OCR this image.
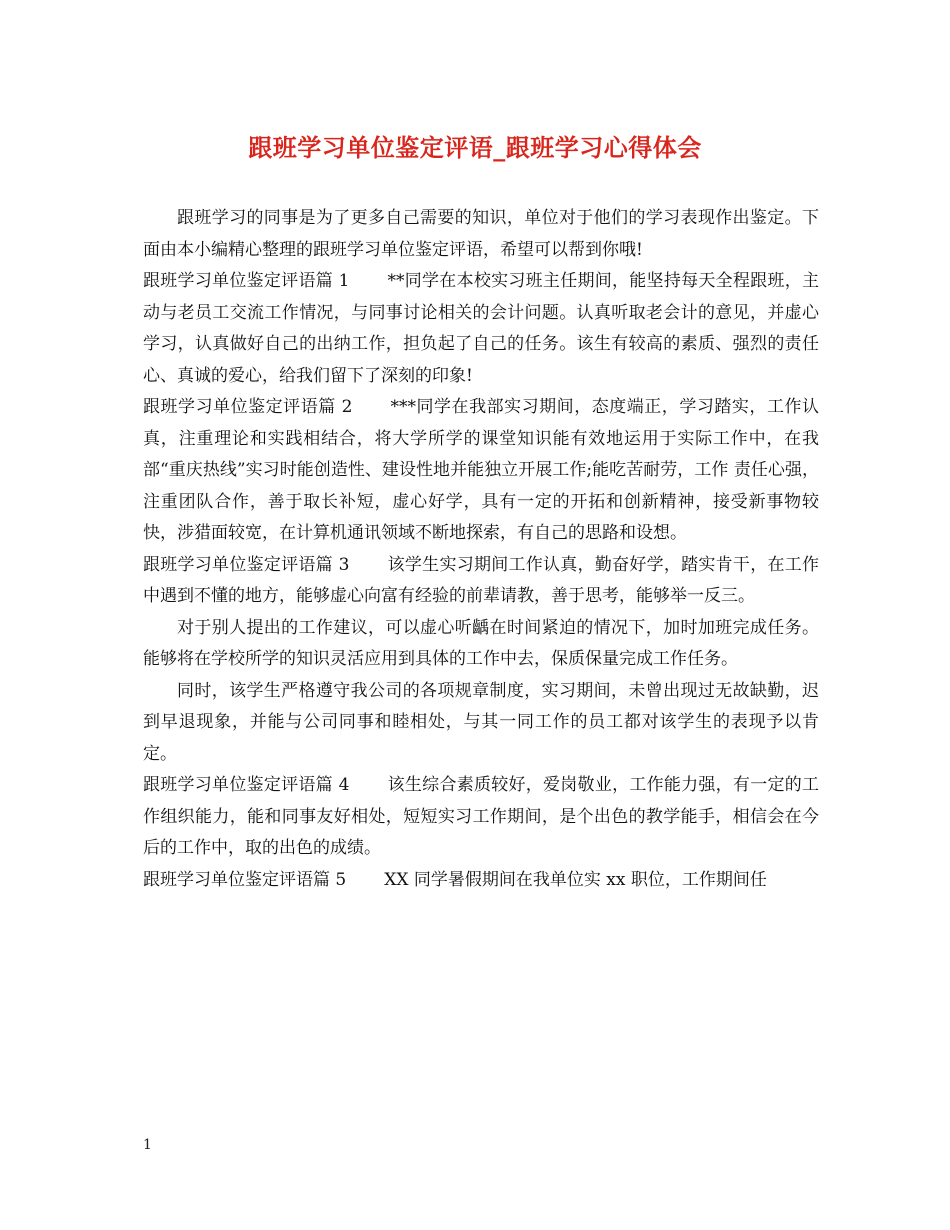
跟班学习单位鉴定评语_跟班学习心得体会

跟班学习的同事是为了更多自己需要的知识，单位对于他们的学习表现作出鉴定。下面由本小编精心整理的跟班学习单位鉴定评语，希望可以帮到你哦!

跟班学习单位鉴定评语篇 1 **同学在本校实习班主任期间，能坚持每天全程跟班，主动与老员工交流工作情况，与同事讨论相关的会计问题。认真听取老会计的意见，并虚心学习，认真做好自己的出纳工作，担负起了自己的任务。该生有较高的素质、强烈的责任心、真诚的爱心，给我们留下了深刻的印象!

跟班学习单位鉴定评语篇 2 ***同学在我部实习期间，态度端正，学习踏实，工作认真，注重理论和实践相结合，将大学所学的课堂知识能有效地运用于实际工作中，在我部“重庆热线”实习时能创造性、建设性地并能独立开展工作;能吃苦耐劳，工作 责任心强，注重团队合作，善于取长补短，虚心好学，具有一定的开拓和创新精神，接受新事物较快，涉猎面较宽，在计算机通讯领域不断地探索，有自己的思路和设想。

跟班学习单位鉴定评语篇 3 该学生实习期间工作认真，勤奋好学，踏实肯干，在工作中遇到不懂的地方，能够虚心向富有经验的前辈请教，善于思考，能够举一反三。

对于别人提出的工作建议，可以虚心听齲在时间紧迫的情况下，加时加班完成任务。能够将在学校所学的知识灵活应用到具体的工作中去，保质保量完成工作任务。

同时，该学生严格遵守我公司的各项规章制度，实习期间，未曾出现过无故缺勤，迟到早退现象，并能与公司同事和睦相处，与其一同工作的员工都对该学生的表现予以肯定。

跟班学习单位鉴定评语篇 4 该生综合素质较好，爱岗敬业，工作能力强，有一定的工作组织能力，能和同事友好相处，短短实习工作期间，是个出色的教学能手，相信会在今后的工作中，取的出色的成绩。

跟班学习单位鉴定评语篇 5 XX 同学暑假期间在我单位实 xx 职位，工作期间任

1
